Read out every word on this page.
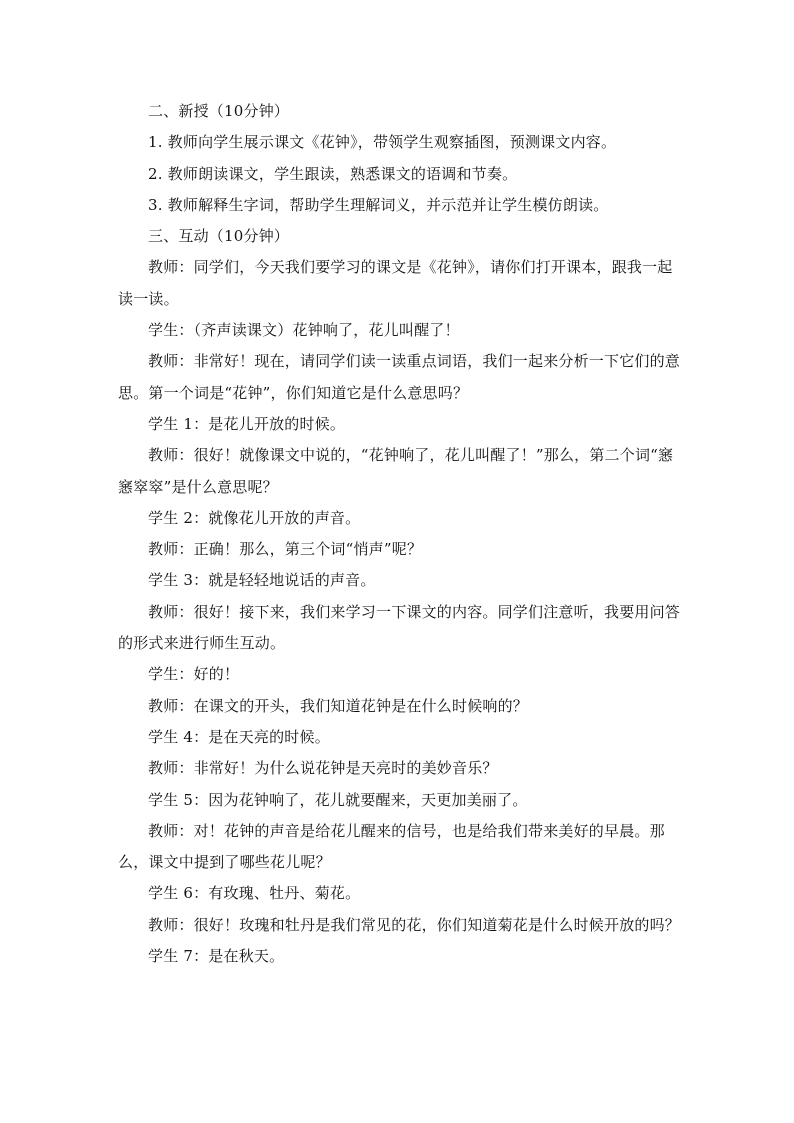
二、新授（10分钟）

1. 教师向学生展示课文《花钟》，带领学生观察插图，预测课文内容。

2. 教师朗读课文，学生跟读，熟悉课文的语调和节奏。

3. 教师解释生字词，帮助学生理解词义，并示范并让学生模仿朗读。

三、互动（10分钟）

教师：同学们，今天我们要学习的课文是《花钟》，请你们打开课本，跟我一起读一读。

学生：（齐声读课文）花钟响了，花儿叫醒了！

教师：非常好！现在，请同学们读一读重点词语，我们一起来分析一下它们的意思。第一个词是“花钟”，你们知道它是什么意思吗？

学生 1：是花儿开放的时候。

教师：很好！就像课文中说的，“花钟响了，花儿叫醒了！”那么，第二个词“窸窸窣窣”是什么意思呢？

学生 2：就像花儿开放的声音。

教师：正确！那么，第三个词“悄声”呢？

学生 3：就是轻轻地说话的声音。

教师：很好！接下来，我们来学习一下课文的内容。同学们注意听，我要用问答的形式来进行师生互动。

学生：好的！

教师：在课文的开头，我们知道花钟是在什么时候响的？

学生 4：是在天亮的时候。

教师：非常好！为什么说花钟是天亮时的美妙音乐？

学生 5：因为花钟响了，花儿就要醒来，天更加美丽了。

教师：对！花钟的声音是给花儿醒来的信号，也是给我们带来美好的早晨。那么，课文中提到了哪些花儿呢？

学生 6：有玫瑰、牡丹、菊花。

教师：很好！玫瑰和牡丹是我们常见的花，你们知道菊花是什么时候开放的吗？

学生 7：是在秋天。
